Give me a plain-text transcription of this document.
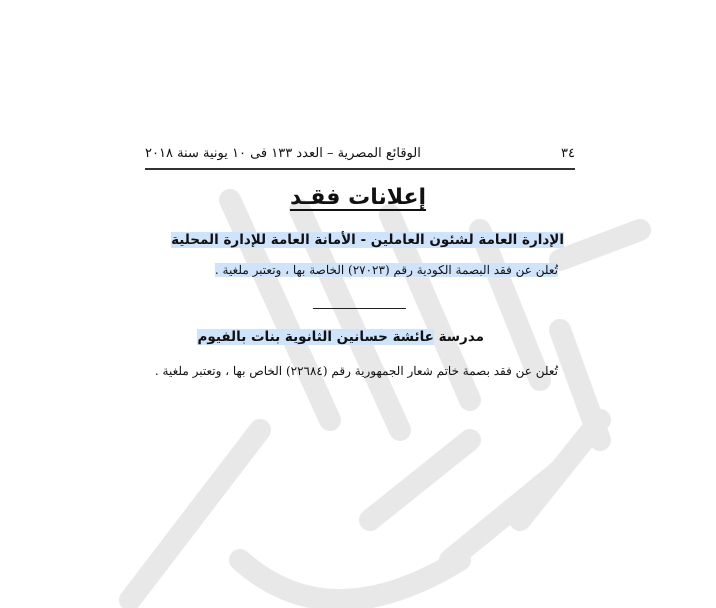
٣٤
الوقائع المصرية – العدد ١٣٣ فى ١٠ يونية سنة ٢٠١٨
إعلانات فقـد
الإدارة العامة لشئون العاملين - الأمانة العامة للإدارة المحلية
تُعلن عن فقد البصمة الكودية رقم (٢٧٠٢٣) الخاصة بها ، وتعتبر ملغية .
مدرسة عائشة حسانين الثانوية بنات بالفيوم
تُعلن عن فقد بصمة خاتم شعار الجمهورية رقم (٢٢٦٨٤) الخاص بها ، وتعتبر ملغية .
